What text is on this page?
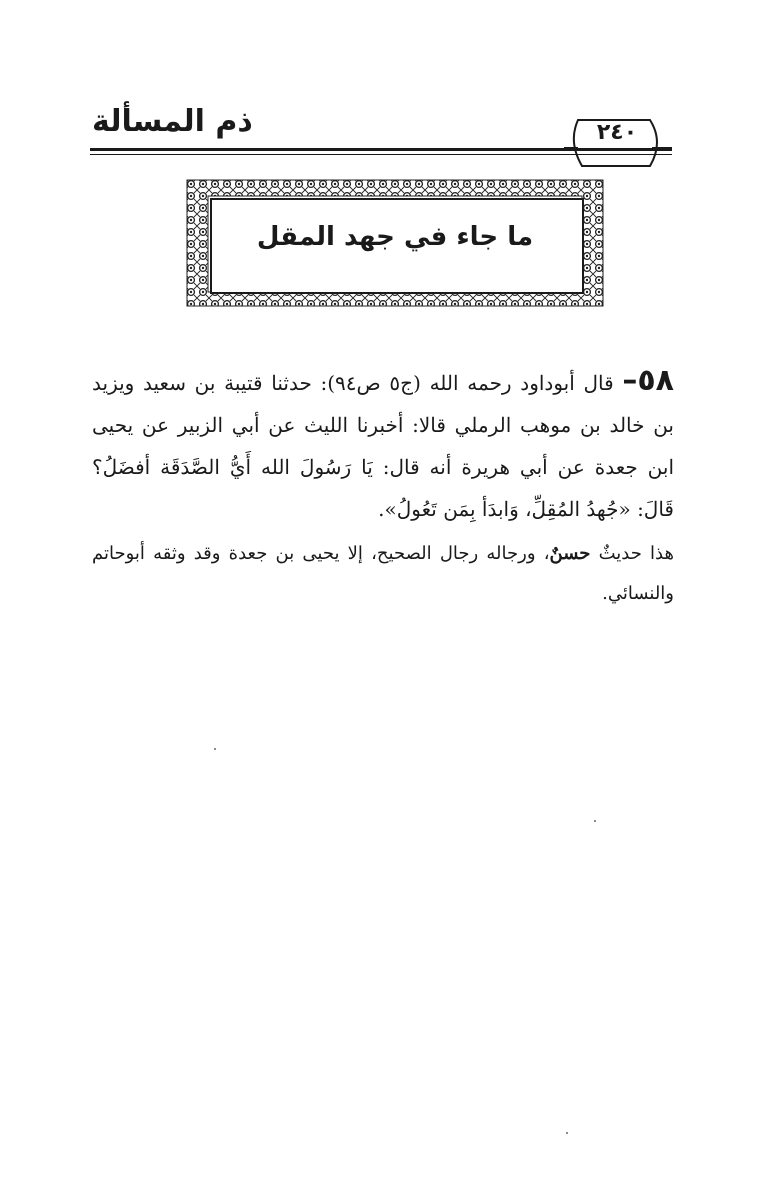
ذم المسألة	٢٤٠
ما جاء في جهد المقل
٥٨– قال أبوداود رحمه الله (ج٥ ص٩٤): حدثنا قتيبة بن سعيد ويزيد بن خالد بن موهب الرملي قالا: أخبرنا الليث عن أبي الزبير عن يحيى ابن جعدة عن أبي هريرة أنه قال: يَا رَسُولَ الله أَيُّ الصَّدَقَة أفضَلُ؟ قَالَ: «جُهدُ المُقِلِّ، وَابدَأ بِمَن تَعُولُ».
هذا حديثٌ حسنٌ، ورجاله رجال الصحيح، إلا يحيى بن جعدة وقد وثقه أبوحاتم والنسائي.
